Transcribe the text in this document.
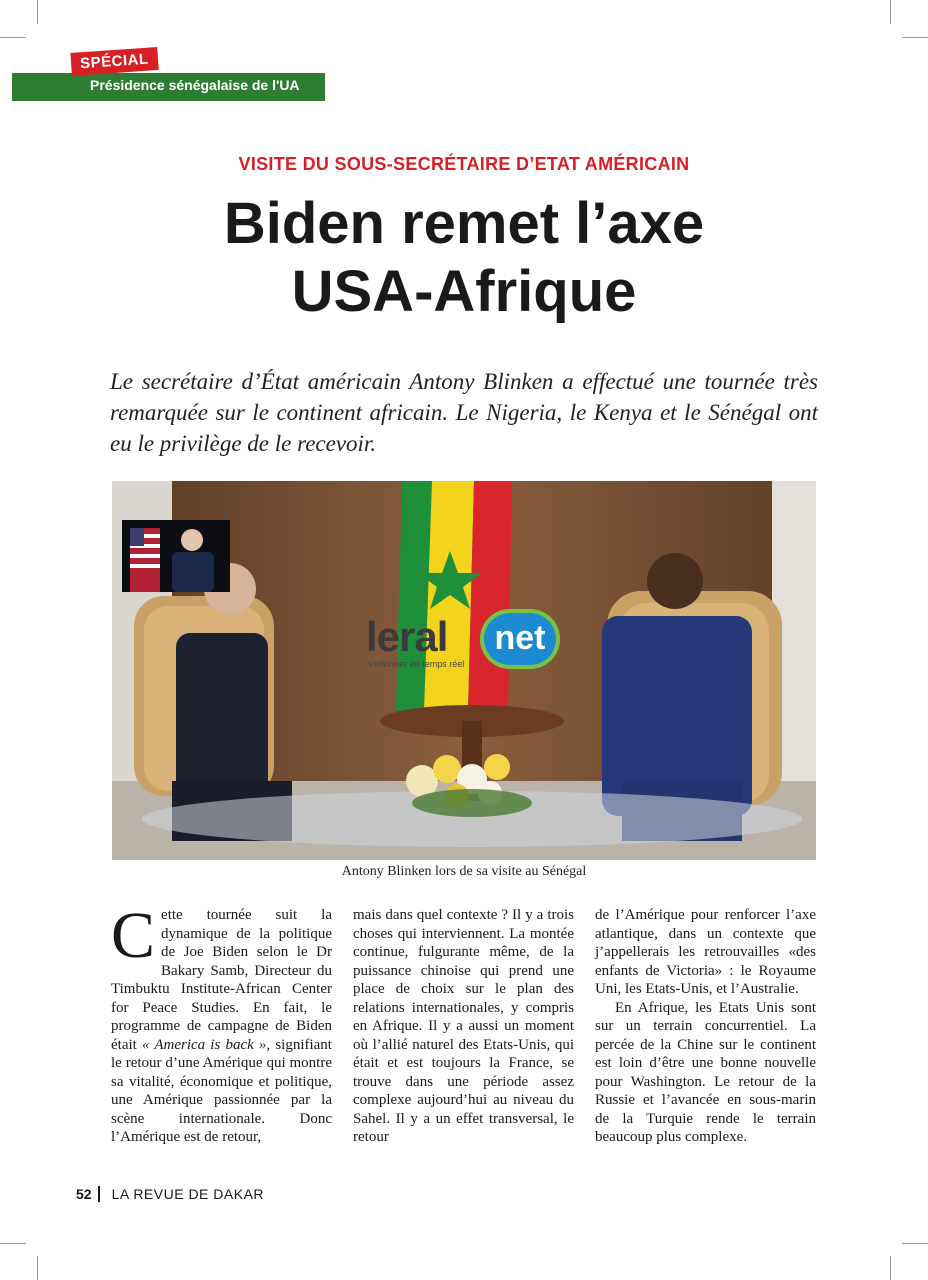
Présidence sénégalaise de l'UA
SPÉCIAL
VISITE DU SOUS-SECRÉTAIRE D’ETAT AMÉRICAIN
Biden remet l’axe
USA-Afrique
Le secrétaire d’État américain Antony Blinken a effectué une tournée très remarquée sur le continent africain. Le Nigeria, le Kenya et le Sénégal ont eu le privilège de le recevoir.
leral	net
s'informer en temps réel
Antony Blinken lors de sa visite au Sénégal

Cette tournée suit la dynamique de la politique de Joe Biden selon le Dr Bakary Samb, Directeur du Timbuktu Institute-African Center for Peace Studies. En fait, le programme de campagne de Biden était « America is back », signifiant le retour d’une Amérique qui montre sa vitalité, économique et politique, une Amérique passionnée par la scène internationale. Donc l’Amérique est de retour,

mais dans quel contexte ? Il y a trois choses qui interviennent. La montée continue, fulgurante même, de la puissance chinoise qui prend une place de choix sur le plan des relations internationales, y compris en Afrique. Il y a aussi un moment où l’allié naturel des Etats-Unis, qui était et est toujours la France, se trouve dans une période assez complexe aujourd’hui au niveau du Sahel. Il y a un effet transversal, le retour

de l’Amérique pour renforcer l’axe atlantique, dans un contexte que j’appellerais les retrouvailles «des enfants de Victoria» : le Royaume Uni, les Etats-Unis, et l’Australie.

En Afrique, les Etats Unis sont sur un terrain concurrentiel. La percée de la Chine sur le continent est loin d’être une bonne nouvelle pour Washington. Le retour de la Russie et l’avancée en sous-marin de la Turquie rende le terrain beaucoup plus complexe.

52 LA REVUE DE DAKAR
